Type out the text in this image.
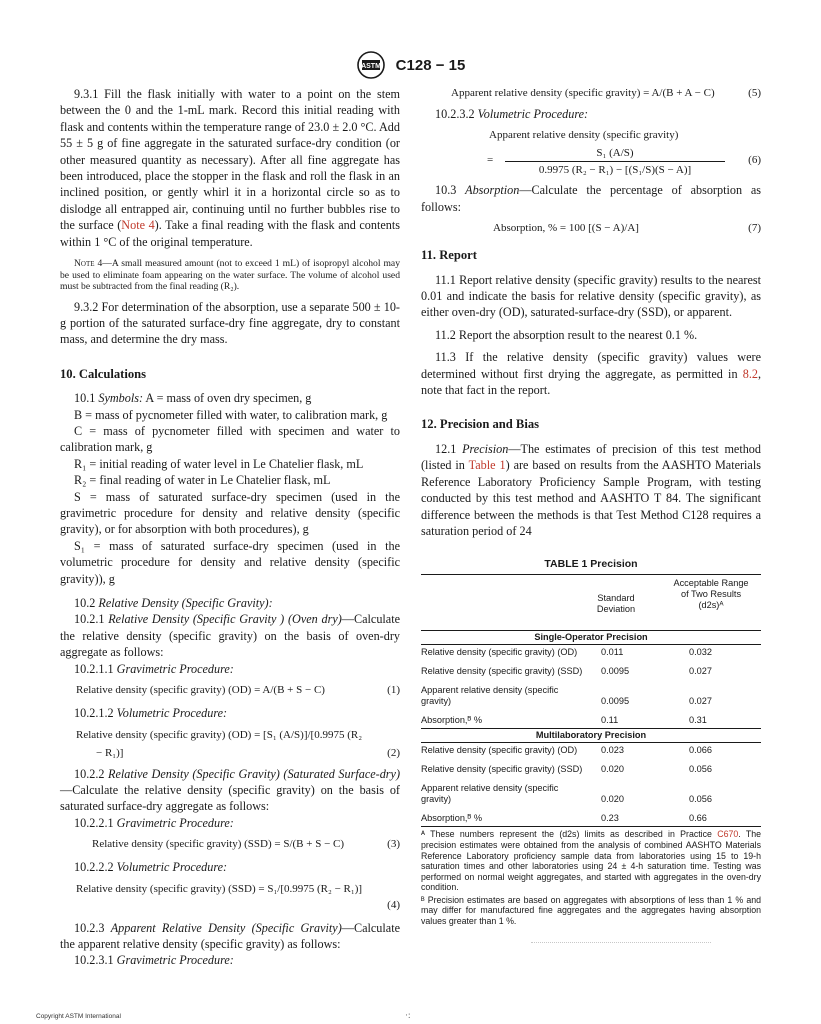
ASTM C128 − 15
9.3.1 Fill the flask initially with water to a point on the stem between the 0 and the 1-mL mark. Record this initial reading with flask and contents within the temperature range of 23.0 ± 2.0 °C. Add 55 ± 5 g of fine aggregate in the saturated surface-dry condition (or other measured quantity as necessary). After all fine aggregate has been introduced, place the stopper in the flask and roll the flask in an inclined position, or gently whirl it in a horizontal circle so as to dislodge all entrapped air, continuing until no further bubbles rise to the surface (Note 4). Take a final reading with the flask and contents within 1 °C of the original temperature.
Note 4—A small measured amount (not to exceed 1 mL) of isopropyl alcohol may be used to eliminate foam appearing on the water surface. The volume of alcohol used must be subtracted from the final reading (R₂).
9.3.2 For determination of the absorption, use a separate 500 ± 10-g portion of the saturated surface-dry fine aggregate, dry to constant mass, and determine the dry mass.
10. Calculations
10.1 Symbols: A = mass of oven dry specimen, g
B = mass of pycnometer filled with water, to calibration mark, g
C = mass of pycnometer filled with specimen and water to calibration mark, g
R₁ = initial reading of water level in Le Chatelier flask, mL
R₂ = final reading of water in Le Chatelier flask, mL
S = mass of saturated surface-dry specimen (used in the gravimetric procedure for density and relative density (specific gravity), or for absorption with both procedures), g
S₁ = mass of saturated surface-dry specimen (used in the volumetric procedure for density and relative density (specific gravity)), g
10.2 Relative Density (Specific Gravity):
10.2.1 Relative Density (Specific Gravity ) (Oven dry)—Calculate the relative density (specific gravity) on the basis of oven-dry aggregate as follows:
10.2.1.1 Gravimetric Procedure:
Relative density (specific gravity) (OD) = A/(B + S − C)	(1)
10.2.1.2 Volumetric Procedure:
Relative density (specific gravity) (OD) = [S₁ (A/S)]/[0.9975 (R₂
− R₁)]	(2)
10.2.2 Relative Density (Specific Gravity) (Saturated Surface-dry)—Calculate the relative density (specific gravity) on the basis of saturated surface-dry aggregate as follows:
10.2.2.1 Gravimetric Procedure:
Relative density (specific gravity) (SSD) = S/(B + S − C)	(3)
10.2.2.2 Volumetric Procedure:
Relative density (specific gravity) (SSD) = S₁/[0.9975 (R₂ − R₁)]
(4)
10.2.3 Apparent Relative Density (Specific Gravity)—Calculate the apparent relative density (specific gravity) as follows:
10.2.3.1 Gravimetric Procedure:
Apparent relative density (specific gravity) = A/(B + A − C)	(5)
10.2.3.2 Volumetric Procedure:
Apparent relative density (specific gravity)
= $\frac{\text{S₁ (A/S)}}{\text{0.9975 (R₂ − R₁) − [(S₁/S)(S − A)]}} (6)$
10.3 Absorption—Calculate the percentage of absorption as follows:
Absorption, % = 100 [(S − A)/A]	(7)
11. Report
11.1 Report relative density (specific gravity) results to the nearest 0.01 and indicate the basis for relative density (specific gravity), as either oven-dry (OD), saturated-surface-dry (SSD), or apparent.
11.2 Report the absorption result to the nearest 0.1 %.
11.3 If the relative density (specific gravity) values were determined without first drying the aggregate, as permitted in 8.2, note that fact in the report.
12. Precision and Bias
12.1 Precision—The estimates of precision of this test method (listed in Table 1) are based on results from the AASHTO Materials Reference Laboratory Proficiency Sample Program, with testing conducted by this test method and AASHTO T 84. The significant difference between the methods is that Test Method C128 requires a saturation period of 24
TABLE 1 Precision
Standard Deviation
Acceptable Range of Two Results (d2s)ᴬ
Single-Operator Precision
Relative density (specific gravity) (OD)	0.011	0.032
Relative density (specific gravity) (SSD)	0.0095	0.027
Apparent relative density (specific gravity)	0.0095	0.027
Absorption,ᴮ %	0.11	0.31
Multilaboratory Precision
Relative density (specific gravity) (OD)	0.023	0.066
Relative density (specific gravity) (SSD)	0.020	0.056
Apparent relative density (specific gravity)	0.020	0.056
Absorption,ᴮ %	0.23	0.66
ᴬ These numbers represent the (d2s) limits as described in Practice C670. The precision estimates were obtained from the analysis of combined AASHTO Materials Reference Laboratory proficiency sample data from laboratories using 15 to 19-h saturation times and other laboratories using 24 ± 4-h saturation time. Testing was performed on normal weight aggregates, and started with aggregates in the oven-dry condition.
ᴮ Precision estimates are based on aggregates with absorptions of less than 1 % and may differ for manufactured fine aggregates and the aggregates having absorption values greater than 1 %.
Copyright ASTM International	·:
